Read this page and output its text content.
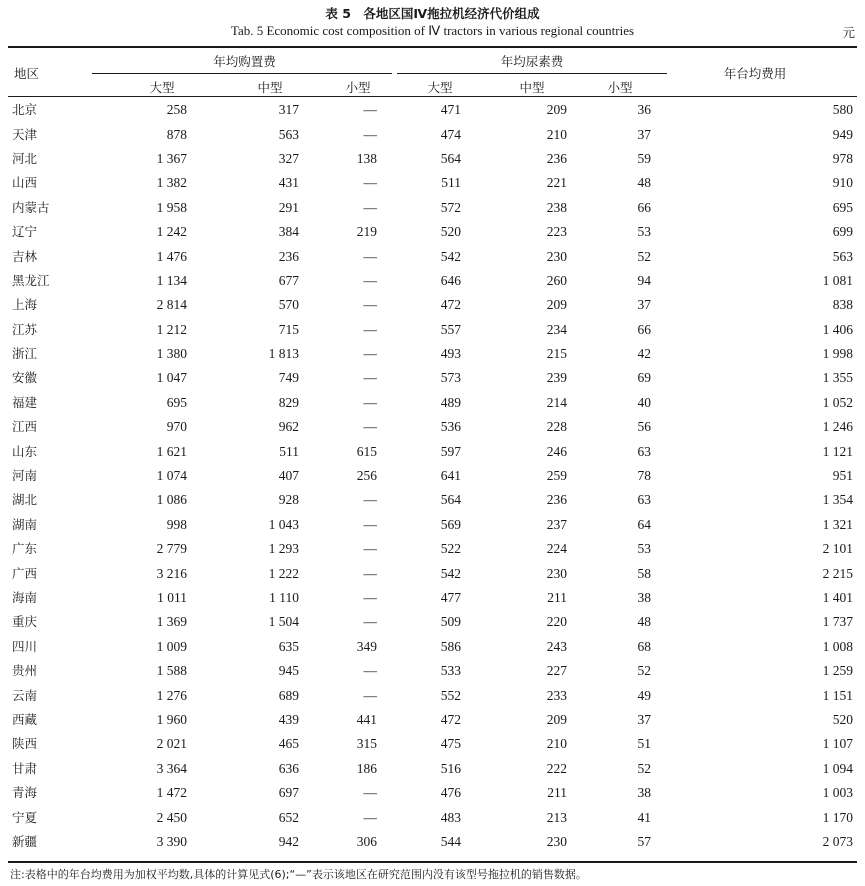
表 5　各地区国Ⅳ拖拉机经济代价组成
Tab. 5 Economic cost composition of Ⅳ tractors in various regional countries	元
地区
年均购置费	年均尿素费
年台均费用
大型	中型	小型	大型	中型	小型
北京	258	317	—	471	209	36	580	
天津	878	563	—	474	210	37	949	
河北	1 367	327	138	564	236	59	978	
山西	1 382	431	—	511	221	48	910	
内蒙古	1 958	291	—	572	238	66	695	
辽宁	1 242	384	219	520	223	53	699	
吉林	1 476	236	—	542	230	52	563	
黑龙江	1 134	677	—	646	260	94	1 081	
上海	2 814	570	—	472	209	37	838	
江苏	1 212	715	—	557	234	66	1 406	
浙江	1 380	1 813	—	493	215	42	1 998	
安徽	1 047	749	—	573	239	69	1 355	
福建	695	829	—	489	214	40	1 052	
江西	970	962	—	536	228	56	1 246	
山东	1 621	511	615	597	246	63	1 121	
河南	1 074	407	256	641	259	78	951	
湖北	1 086	928	—	564	236	63	1 354	
湖南	998	1 043	—	569	237	64	1 321	
广东	2 779	1 293	—	522	224	53	2 101	
广西	3 216	1 222	—	542	230	58	2 215	
海南	1 011	1 110	—	477	211	38	1 401	
重庆	1 369	1 504	—	509	220	48	1 737	
四川	1 009	635	349	586	243	68	1 008	
贵州	1 588	945	—	533	227	52	1 259	
云南	1 276	689	—	552	233	49	1 151	
西藏	1 960	439	441	472	209	37	520	
陕西	2 021	465	315	475	210	51	1 107	
甘肃	3 364	636	186	516	222	52	1 094	
青海	1 472	697	—	476	211	38	1 003	
宁夏	2 450	652	—	483	213	41	1 170	
新疆	3 390	942	306	544	230	57	2 073	
注:表格中的年台均费用为加权平均数,具体的计算见式(6);“—”表示该地区在研究范围内没有该型号拖拉机的销售数据。
